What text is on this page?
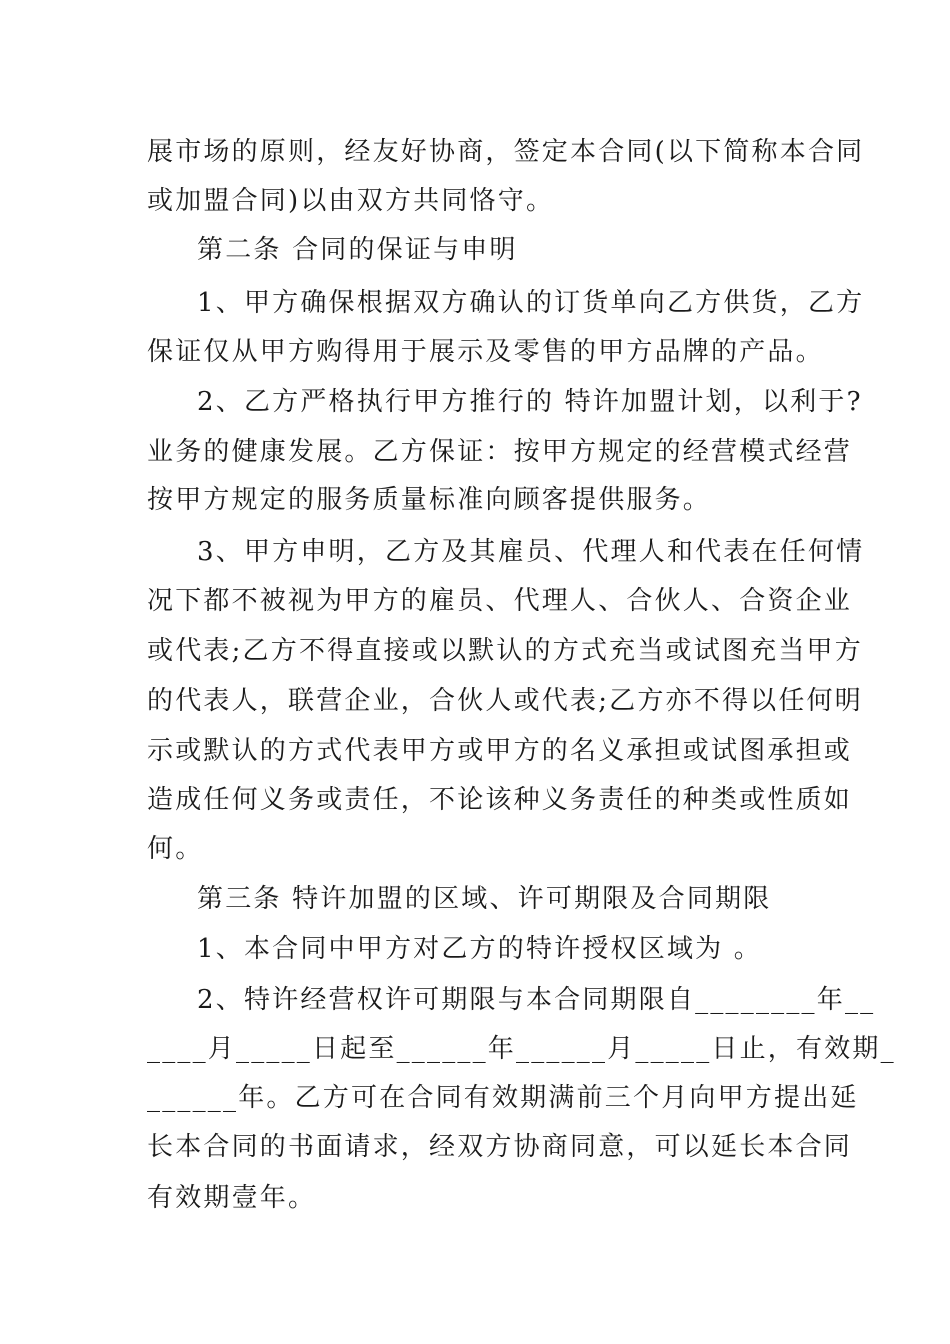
展市场的原则，经友好协商，签定本合同(以下简称本合同
或加盟合同)以由双方共同恪守。
第二条 合同的保证与申明
1、甲方确保根据双方确认的订货单向乙方供货，乙方
保证仅从甲方购得用于展示及零售的甲方品牌的产品。
2、乙方严格执行甲方推行的 特许加盟计划，以利于?
业务的健康发展。乙方保证：按甲方规定的经营模式经营
按甲方规定的服务质量标准向顾客提供服务。
3、甲方申明，乙方及其雇员、代理人和代表在任何情
况下都不被视为甲方的雇员、代理人、合伙人、合资企业
或代表;乙方不得直接或以默认的方式充当或试图充当甲方
的代表人，联营企业，合伙人或代表;乙方亦不得以任何明
示或默认的方式代表甲方或甲方的名义承担或试图承担或
造成任何义务或责任，不论该种义务责任的种类或性质如
何。
第三条 特许加盟的区域、许可期限及合同期限
1、本合同中甲方对乙方的特许授权区域为 。
2、特许经营权许可期限与本合同期限自________年__
____月_____日起至______年______月_____日止，有效期_
______年。乙方可在合同有效期满前三个月向甲方提出延
长本合同的书面请求，经双方协商同意，可以延长本合同
有效期壹年。
